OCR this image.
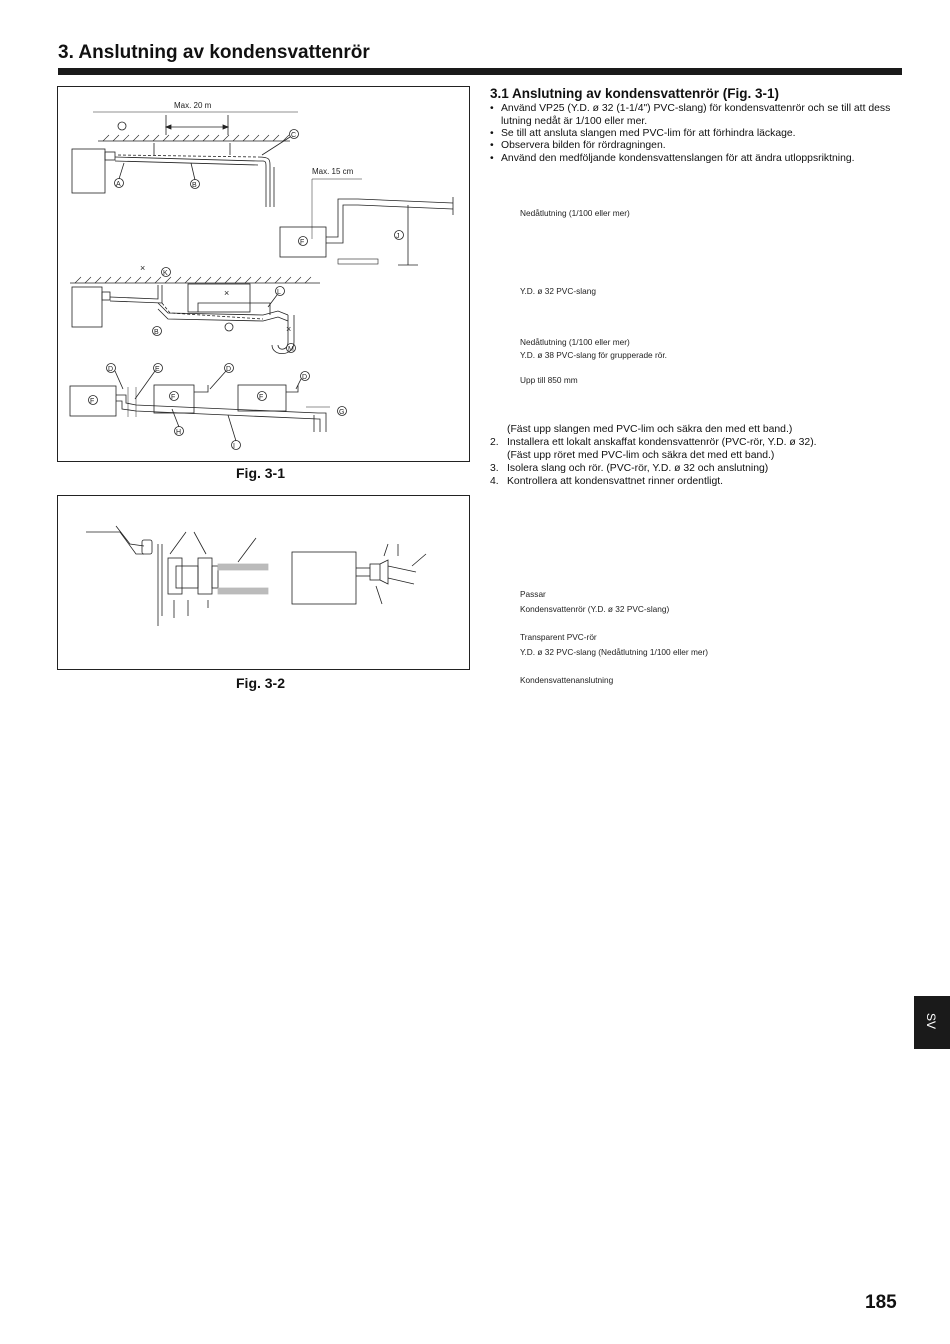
3. Anslutning av kondensvattenrör
Max. 20 m
A	B
C
Max. 15 cm
F
J
×
K
×	L
B	×
M
F
F	F
D	E	D
D
G
H
I
Fig. 3-1
Fig. 3-2
3.1 Anslutning av kondensvattenrör (Fig. 3-1)
• Använd VP25 (Y.D. ø 32 (1-1/4") PVC-slang) för kondensvattenrör och se till att dess lutning nedåt är 1/100 eller mer.
• Se till att ansluta slangen med PVC-lim för att förhindra läckage.
• Observera bilden för rördragningen.
• Använd den medföljande kondensvattenslangen för att ändra utloppsriktning.
Nedåtlutning (1/100 eller mer)
Y.D. ø 32 PVC-slang
Nedåtlutning (1/100 eller mer)
Y.D. ø 38 PVC-slang för grupperade rör.
Upp till 850 mm
(Fäst upp slangen med PVC-lim och säkra den med ett band.)
2. Installera ett lokalt anskaffat kondensvattenrör (PVC-rör, Y.D. ø 32).
(Fäst upp röret med PVC-lim och säkra det med ett band.)
3. Isolera slang och rör. (PVC-rör, Y.D. ø 32 och anslutning)
4. Kontrollera att kondensvattnet rinner ordentligt.
Passar
Kondensvattenrör (Y.D. ø 32 PVC-slang)
Transparent PVC-rör
Y.D. ø 32 PVC-slang (Nedåtlutning 1/100 eller mer)
Kondensvattenanslutning
SV
185
